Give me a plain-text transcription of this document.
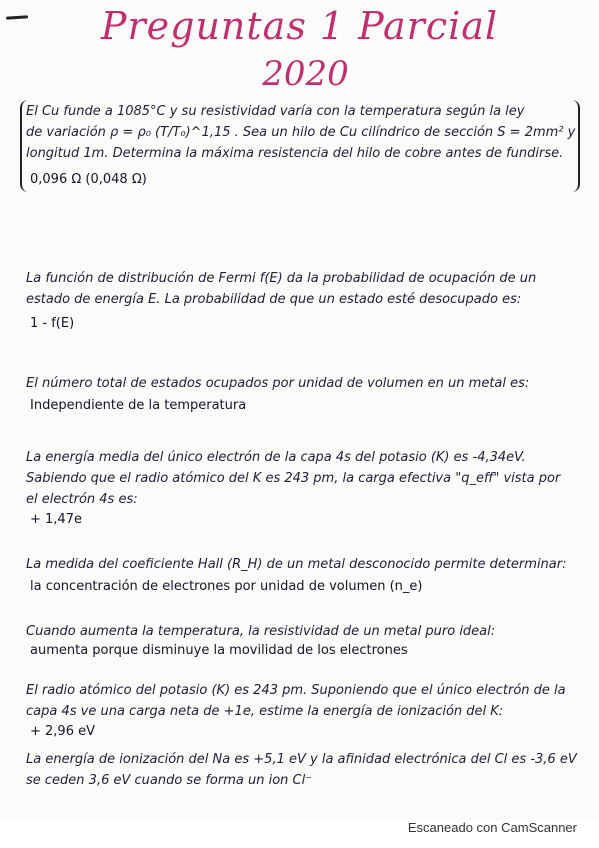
Preguntas 1 Parcial
2020
El Cu funde a 1085°C y su resistividad varía con la temperatura según la ley
de variación ρ = ρ₀ (T/T₀)^1,15 . Sea un hilo de Cu cilíndrico de sección S = 2mm² y
longitud 1m. Determina la máxima resistencia del hilo de cobre antes de fundirse.
0,096 Ω (0,048 Ω)
La función de distribución de Fermi f(E) da la probabilidad de ocupación de un
estado de energía E. La probabilidad de que un estado esté desocupado es:
1 - f(E)
El número total de estados ocupados por unidad de volumen en un metal es:
Independiente de la temperatura
La energía media del único electrón de la capa 4s del potasio (K) es -4,34eV.
Sabiendo que el radio atómico del K es 243 pm, la carga efectiva "q_eff" vista por
el electrón 4s es:
+ 1,47e
La medida del coeficiente Hall (R_H) de un metal desconocido permite determinar:
la concentración de electrones por unidad de volumen (n_e)
Cuando aumenta la temperatura, la resistividad de un metal puro ideal:
aumenta porque disminuye la movilidad de los electrones
El radio atómico del potasio (K) es 243 pm. Suponiendo que el único electrón de la
capa 4s ve una carga neta de +1e, estime la energía de ionización del K:
+ 2,96 eV
La energía de ionización del Na es +5,1 eV y la afinidad electrónica del Cl es -3,6 eV
se ceden 3,6 eV cuando se forma un ion Cl⁻
Escaneado con CamScanner
